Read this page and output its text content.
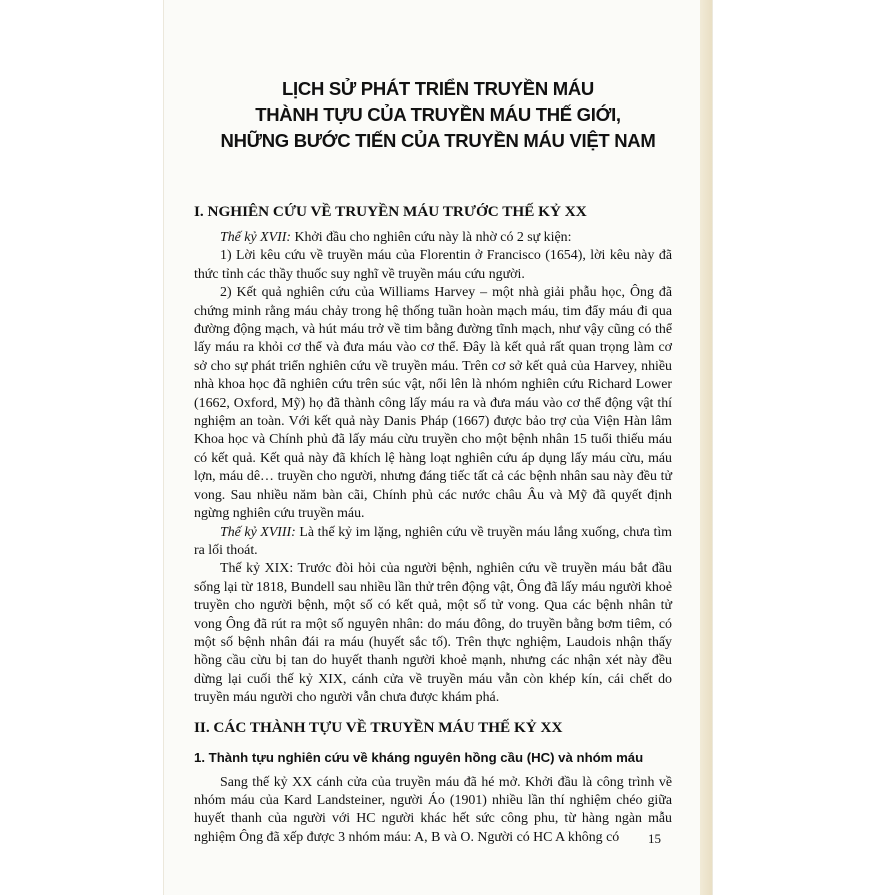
LỊCH SỬ PHÁT TRIỂN TRUYỀN MÁU
THÀNH TỰU CỦA TRUYỀN MÁU THẾ GIỚI,
NHỮNG BƯỚC TIẾN CỦA TRUYỀN MÁU VIỆT NAM
I. NGHIÊN CỨU VỀ TRUYỀN MÁU TRƯỚC THẾ KỶ XX

Thế kỷ XVII: Khởi đầu cho nghiên cứu này là nhờ có 2 sự kiện:

1) Lời kêu cứu về truyền máu của Florentin ở Francisco (1654), lời kêu này đã thức tỉnh các thầy thuốc suy nghĩ về truyền máu cứu người.

2) Kết quả nghiên cứu của Williams Harvey – một nhà giải phẫu học, Ông đã chứng minh rằng máu chảy trong hệ thống tuần hoàn mạch máu, tim đẩy máu đi qua đường động mạch, và hút máu trở về tim bằng đường tĩnh mạch, như vậy cũng có thể lấy máu ra khỏi cơ thể và đưa máu vào cơ thể. Đây là kết quả rất quan trọng làm cơ sở cho sự phát triển nghiên cứu về truyền máu. Trên cơ sở kết quả của Harvey, nhiều nhà khoa học đã nghiên cứu trên súc vật, nổi lên là nhóm nghiên cứu Richard Lower (1662, Oxford, Mỹ) họ đã thành công lấy máu ra và đưa máu vào cơ thể động vật thí nghiệm an toàn. Với kết quả này Danis Pháp (1667) được bảo trợ của Viện Hàn lâm Khoa học và Chính phủ đã lấy máu cừu truyền cho một bệnh nhân 15 tuổi thiếu máu có kết quả. Kết quả này đã khích lệ hàng loạt nghiên cứu áp dụng lấy máu cừu, máu lợn, máu dê… truyền cho người, nhưng đáng tiếc tất cả các bệnh nhân sau này đều tử vong. Sau nhiều năm bàn cãi, Chính phủ các nước châu Âu và Mỹ đã quyết định ngừng nghiên cứu truyền máu.

Thế kỷ XVIII: Là thế kỷ im lặng, nghiên cứu về truyền máu lắng xuống, chưa tìm ra lối thoát.

Thế kỷ XIX: Trước đòi hỏi của người bệnh, nghiên cứu về truyền máu bắt đầu sống lại từ 1818, Bundell sau nhiều lần thử trên động vật, Ông đã lấy máu người khoẻ truyền cho người bệnh, một số có kết quả, một số tử vong. Qua các bệnh nhân tử vong Ông đã rút ra một số nguyên nhân: do máu đông, do truyền bằng bơm tiêm, có một số bệnh nhân đái ra máu (huyết sắc tố). Trên thực nghiệm, Laudois nhận thấy hồng cầu cừu bị tan do huyết thanh người khoẻ mạnh, nhưng các nhận xét này đều dừng lại cuối thế kỷ XIX, cánh cửa về truyền máu vẫn còn khép kín, cái chết do truyền máu người cho người vẫn chưa được khám phá.

II. CÁC THÀNH TỰU VỀ TRUYỀN MÁU THẾ KỶ XX
1. Thành tựu nghiên cứu về kháng nguyên hồng cầu (HC) và nhóm máu

Sang thế kỷ XX cánh cửa của truyền máu đã hé mở. Khởi đầu là công trình về nhóm máu của Kard Landsteiner, người Áo (1901) nhiều lần thí nghiệm chéo giữa huyết thanh của người với HC người khác hết sức công phu, từ hàng ngàn mẫu nghiệm Ông đã xếp được 3 nhóm máu: A, B và O. Người có HC A không có	15
